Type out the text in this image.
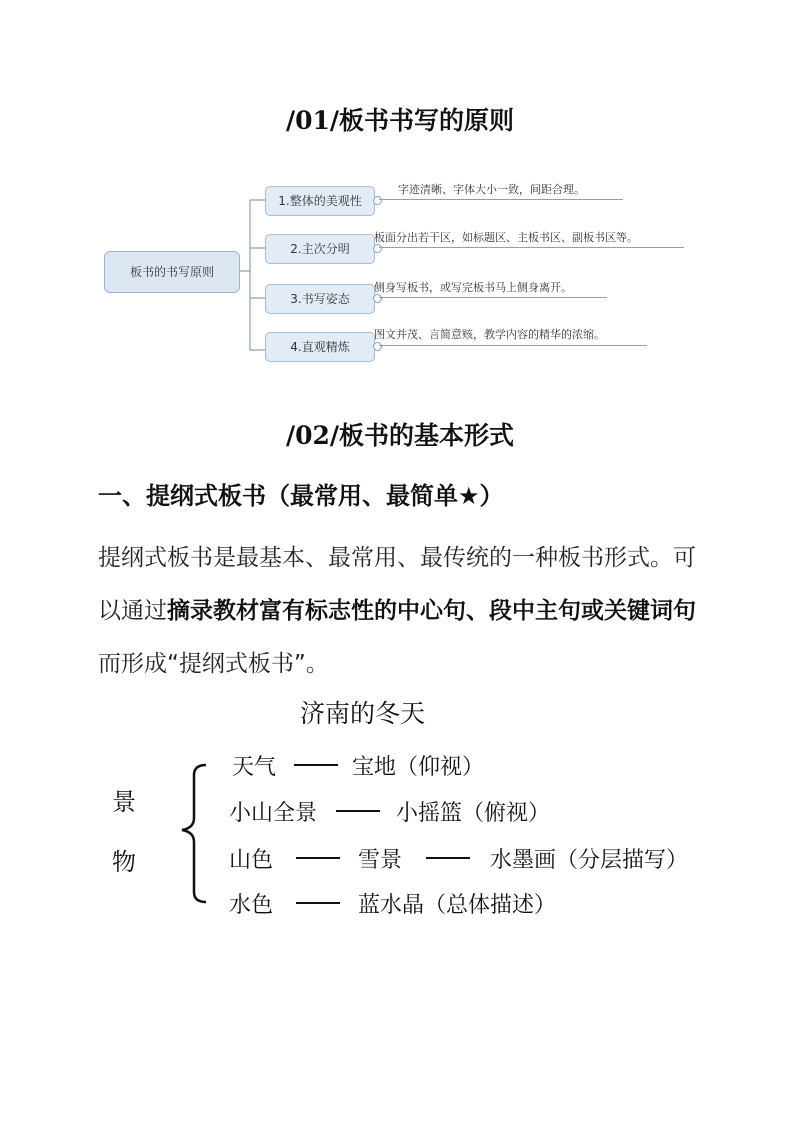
/01/板书书写的原则
板书的书写原则
1.整体的美观性
字迹清晰、字体大小一致，间距合理。
2.主次分明
板面分出若干区，如标题区、主板书区、副板书区等。
3.书写姿态
侧身写板书，或写完板书马上侧身离开。
4.直观精炼
图文并茂、言简意赅，教学内容的精华的浓缩。
/02/板书的基本形式
一、提纲式板书（最常用、最简单★）
提纲式板书是最基本、最常用、最传统的一种板书形式。可以通过摘录教材富有标志性的中心句、段中主句或关键词句而形成“提纲式板书”。
济南的冬天
景
物
天气	宝地（仰视）
小山全景	小摇篮（俯视）
山色	雪景	水墨画（分层描写）
水色	蓝水晶（总体描述）
